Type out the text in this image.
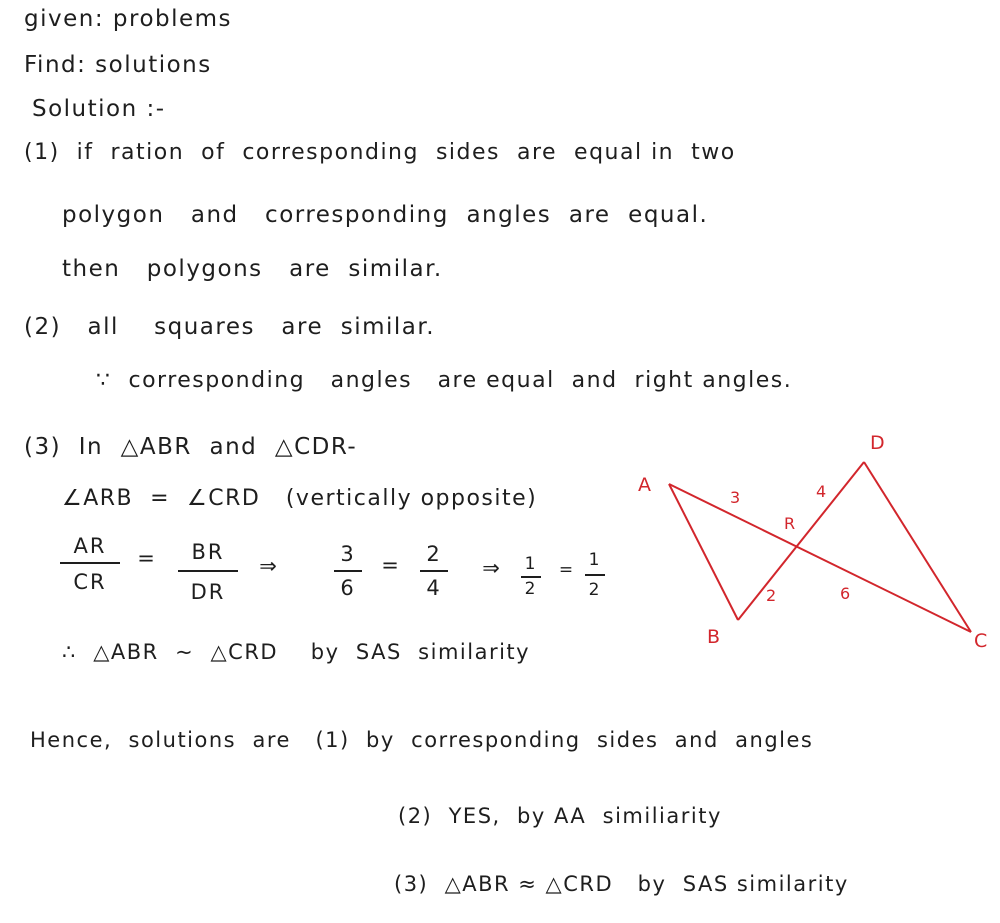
given: problems
Find: solutions
Solution :-
(1)  if  ration  of  corresponding  sides  are  equal in  two
polygon   and   corresponding  angles  are  equal.
then   polygons   are  similar.
(2)   all    squares   are  similar.
∵  corresponding   angles   are equal  and  right angles.
(3)  In  △ABR  and  △CDR-
∠ARB  =  ∠CRD   (vertically opposite)
AR
CR
=	BR
DR
⇒	3
6
=	2
4
⇒ 1
2
= 1
2
∴  △ABR  ∼  △CRD    by  SAS  similarity
A
B	C
D
R
3	4
2	6
Hence,  solutions  are   (1)  by  corresponding  sides  and  angles
(2)  YES,  by AA  similiarity
(3)  △ABR ≈ △CRD   by  SAS similarity
